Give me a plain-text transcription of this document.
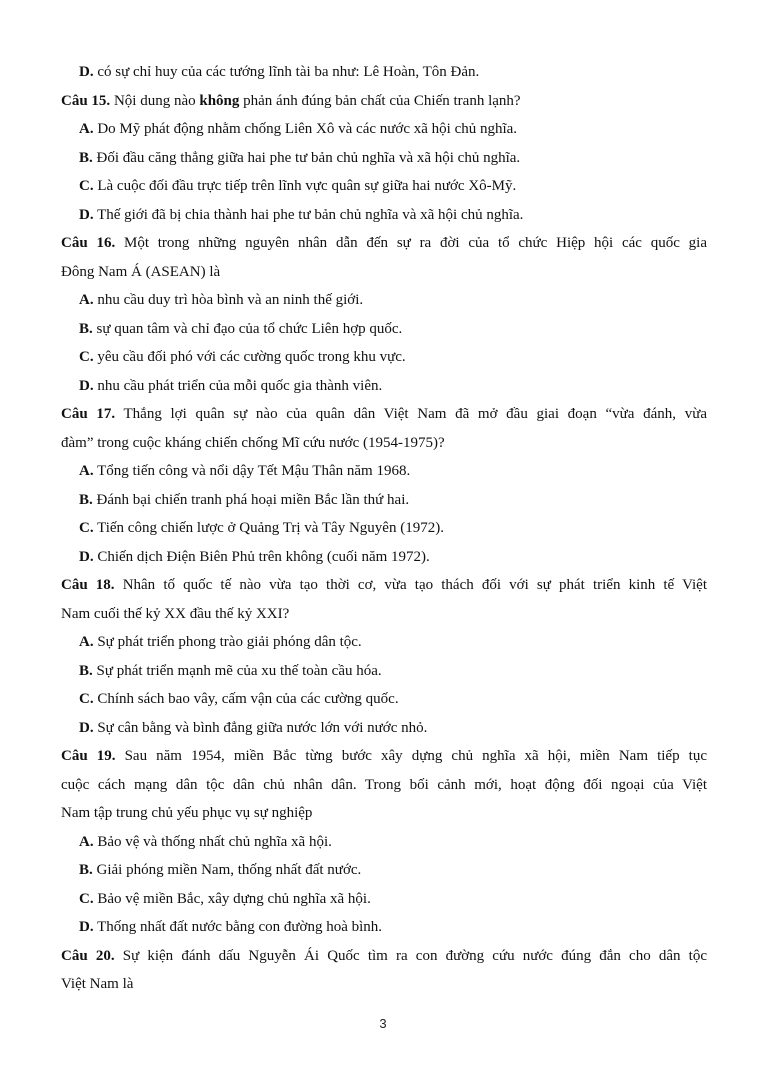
D. có sự chỉ huy của các tướng lĩnh tài ba như: Lê Hoàn, Tôn Đản.
Câu 15. Nội dung nào không phản ánh đúng bản chất của Chiến tranh lạnh?
A. Do Mỹ phát động nhằm chống Liên Xô và các nước xã hội chủ nghĩa.
B. Đối đầu căng thẳng giữa hai phe tư bản chủ nghĩa và xã hội chủ nghĩa.
C. Là cuộc đối đầu trực tiếp trên lĩnh vực quân sự giữa hai nước Xô-Mỹ.
D. Thế giới đã bị chia thành hai phe tư bản chủ nghĩa và xã hội chủ nghĩa.
Câu 16. Một trong những nguyên nhân dẫn đến sự ra đời của tổ chức Hiệp hội các quốc gia
Đông Nam Á (ASEAN) là
A. nhu cầu duy trì hòa bình và an ninh thế giới.
B. sự quan tâm và chỉ đạo của tổ chức Liên hợp quốc.
C. yêu cầu đối phó với các cường quốc trong khu vực.
D. nhu cầu phát triển của mỗi quốc gia thành viên.
Câu 17. Thắng lợi quân sự nào của quân dân Việt Nam đã mở đầu giai đoạn “vừa đánh, vừa
đàm” trong cuộc kháng chiến chống Mĩ cứu nước (1954-1975)?
A. Tổng tiến công và nổi dậy Tết Mậu Thân năm 1968.
B. Đánh bại chiến tranh phá hoại miền Bắc lần thứ hai.
C. Tiến công chiến lược ở Quảng Trị và Tây Nguyên (1972).
D. Chiến dịch Điện Biên Phủ trên không (cuối năm 1972).
Câu 18. Nhân tố quốc tế nào vừa tạo thời cơ, vừa tạo thách đối với sự phát triển kinh tế Việt
Nam cuối thế kỷ XX đầu thế kỷ XXI?
A. Sự phát triển phong trào giải phóng dân tộc.
B. Sự phát triển mạnh mẽ của xu thế toàn cầu hóa.
C. Chính sách bao vây, cấm vận của các cường quốc.
D. Sự cân bằng và bình đẳng giữa nước lớn với nước nhỏ.
Câu 19. Sau năm 1954, miền Bắc từng bước xây dựng chủ nghĩa xã hội, miền Nam tiếp tục
cuộc cách mạng dân tộc dân chủ nhân dân. Trong bối cảnh mới, hoạt động đối ngoại của Việt
Nam tập trung chủ yếu phục vụ sự nghiệp
A. Bảo vệ và thống nhất chủ nghĩa xã hội.
B. Giải phóng miền Nam, thống nhất đất nước.
C. Bảo vệ miền Bắc, xây dựng chủ nghĩa xã hội.
D. Thống nhất đất nước bằng con đường hoà bình.
Câu 20. Sự kiện đánh dấu Nguyễn Ái Quốc tìm ra con đường cứu nước đúng đắn cho dân tộc
Việt Nam là
3
